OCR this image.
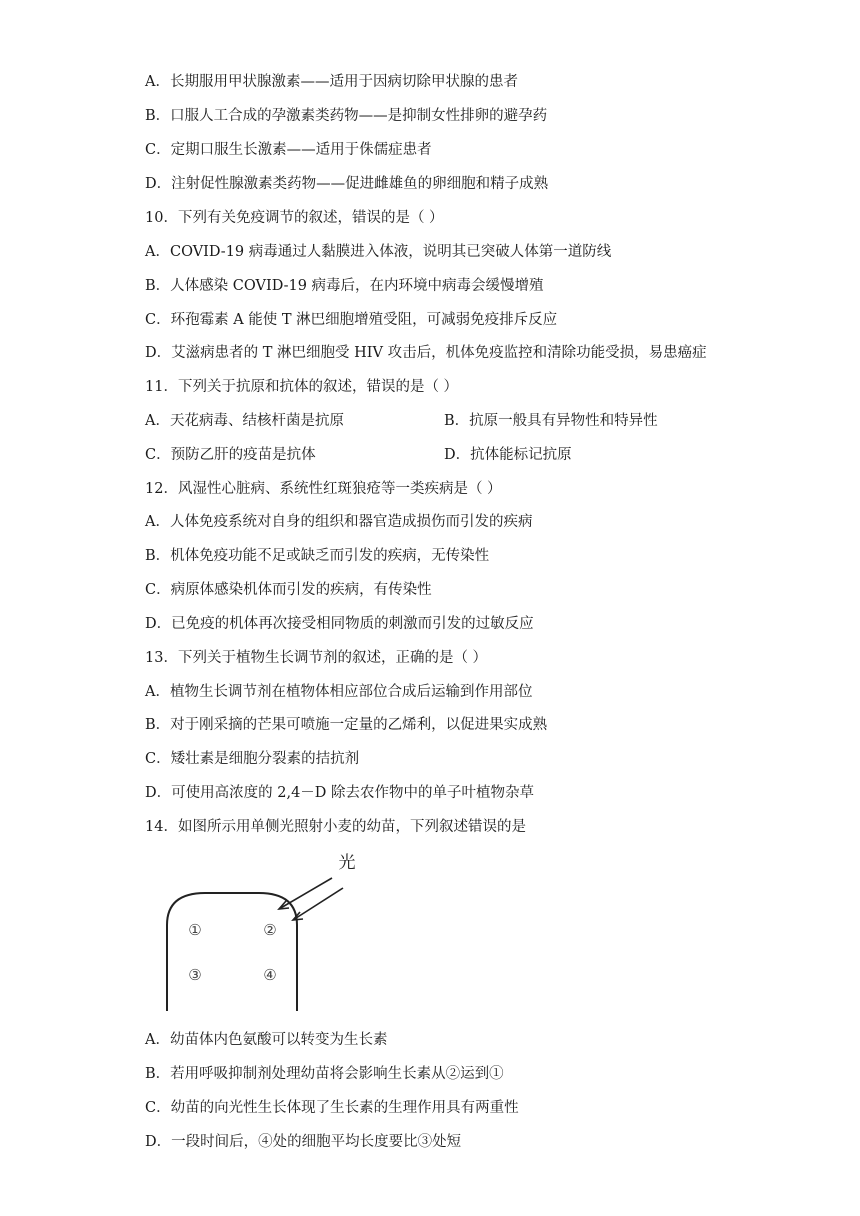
A．长期服用甲状腺激素——适用于因病切除甲状腺的患者
B．口服人工合成的孕激素类药物——是抑制女性排卵的避孕药
C．定期口服生长激素——适用于侏儒症患者
D．注射促性腺激素类药物——促进雌雄鱼的卵细胞和精子成熟
10．下列有关免疫调节的叙述，错误的是（ ）
A．COVID-19 病毒通过人黏膜进入体液，说明其已突破人体第一道防线
B．人体感染 COVID-19 病毒后，在内环境中病毒会缓慢增殖
C．环孢霉素 A 能使 T 淋巴细胞增殖受阻，可减弱免疫排斥反应
D．艾滋病患者的 T 淋巴细胞受 HIV 攻击后，机体免疫监控和清除功能受损，易患癌症
11．下列关于抗原和抗体的叙述，错误的是（ ）
A．天花病毒、结核杆菌是抗原	B．抗原一般具有异物性和特异性
C．预防乙肝的疫苗是抗体	D．抗体能标记抗原
12．风湿性心脏病、系统性红斑狼疮等一类疾病是（ ）
A．人体免疫系统对自身的组织和器官造成损伤而引发的疾病
B．机体免疫功能不足或缺乏而引发的疾病，无传染性
C．病原体感染机体而引发的疾病，有传染性
D．已免疫的机体再次接受相同物质的刺激而引发的过敏反应
13．下列关于植物生长调节剂的叙述，正确的是（ ）
A．植物生长调节剂在植物体相应部位合成后运输到作用部位
B．对于刚采摘的芒果可喷施一定量的乙烯利，以促进果实成熟
C．矮壮素是细胞分裂素的拮抗剂
D．可使用高浓度的 2,4－D 除去农作物中的单子叶植物杂草
14．如图所示用单侧光照射小麦的幼苗，下列叙述错误的是
光
①	②
③	④
A．幼苗体内色氨酸可以转变为生长素
B．若用呼吸抑制剂处理幼苗将会影响生长素从②运到①
C．幼苗的向光性生长体现了生长素的生理作用具有两重性
D．一段时间后，④处的细胞平均长度要比③处短
